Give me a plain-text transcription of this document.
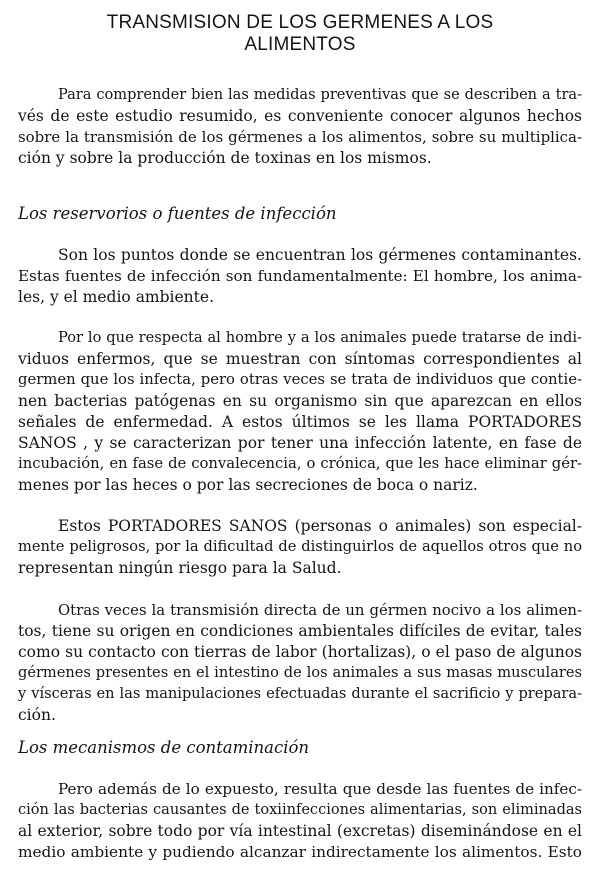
TRANSMISION DE LOS GERMENES A LOS
ALIMENTOS
Para comprender bien las medidas preventivas que se describen a tra-
vés de este estudio resumido, es conveniente conocer algunos hechos
sobre la transmisión de los gérmenes a los alimentos, sobre su multiplica-
ción y sobre la producción de toxinas en los mismos.
Los reservorios o fuentes de infección
Son los puntos donde se encuentran los gérmenes contaminantes.
Estas fuentes de infección son fundamentalmente: El hombre, los anima-
les, y el medio ambiente.
Por lo que respecta al hombre y a los animales puede tratarse de indi-
viduos enfermos, que se muestran con síntomas correspondientes al
germen que los infecta, pero otras veces se trata de individuos que contie-
nen bacterias patógenas en su organismo sin que aparezcan en ellos
señales de enfermedad. A estos últimos se les llama PORTADORES
SANOS , y se caracterizan por tener una infección latente, en fase de
incubación, en fase de convalecencia, o crónica, que les hace eliminar gér-
menes por las heces o por las secreciones de boca o nariz.
Estos PORTADORES SANOS (personas o animales) son especial-
mente peligrosos, por la dificultad de distinguirlos de aquellos otros que no
representan ningún riesgo para la Salud.
Otras veces la transmisión directa de un gérmen nocivo a los alimen-
tos, tiene su origen en condiciones ambientales difíciles de evitar, tales
como su contacto con tierras de labor (hortalizas), o el paso de algunos
gérmenes presentes en el intestino de los animales a sus masas musculares
y vísceras en las manipulaciones efectuadas durante el sacrificio y prepara-
ción.
Los mecanismos de contaminación
Pero además de lo expuesto, resulta que desde las fuentes de infec-
ción las bacterias causantes de toxiinfecciones alimentarias, son eliminadas
al exterior, sobre todo por vía intestinal (excretas) diseminándose en el
medio ambiente y pudiendo alcanzar indirectamente los alimentos. Esto
